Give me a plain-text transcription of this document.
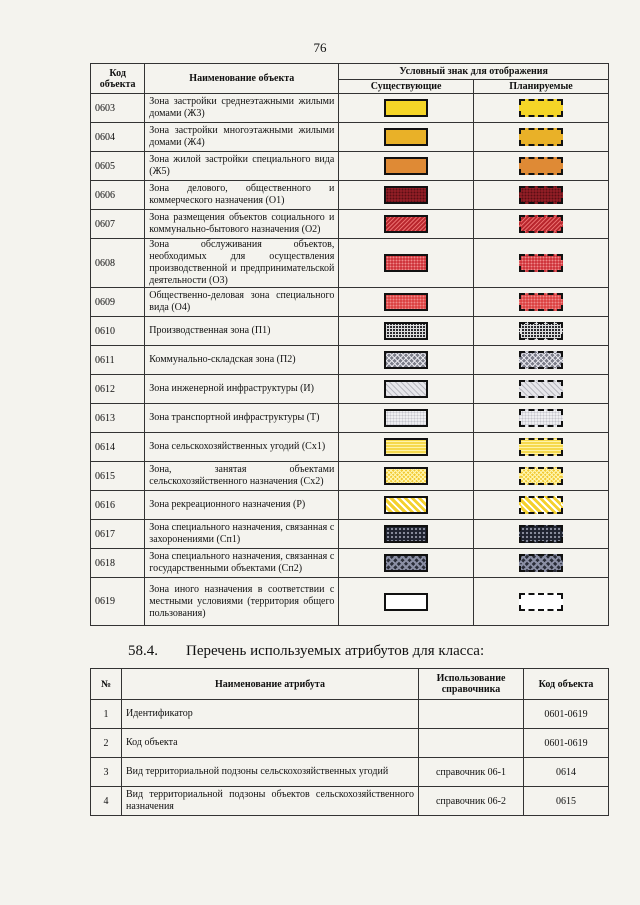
76
Код объекта	Наименование объекта	Условный знак для отображения	
		Существующие	Планируемые
0603	Зона застройки среднеэтажными жилыми домами (Ж3)		
0604	Зона застройки многоэтажными жилыми домами (Ж4)		
0605	Зона жилой застройки специального вида (Ж5)		
0606	Зона делового, общественного и коммерческого назначения (О1)		
0607	Зона размещения объектов социального и коммунально-бытового назначения (О2)		
0608	Зона обслуживания объектов, необходимых для осуществления производственной и предпринимательской деятельности (О3)		
0609	Общественно-деловая зона специального вида (О4)		
0610	Производственная зона (П1)		
0611	Коммунально-складская зона (П2)		
0612	Зона инженерной инфраструктуры (И)		
0613	Зона транспортной инфраструктуры (Т)		
0614	Зона сельскохозяйственных угодий (Сх1)		
0615	Зона, занятая объектами сельскохозяйственного назначения (Сх2)		
0616	Зона рекреационного назначения (Р)		
0617	Зона специального назначения, связанная с захоронениями (Сп1)		
0618	Зона специального назначения, связанная с государственными объектами (Сп2)		
0619	Зона иного назначения в соответствии с местными условиями (территория общего пользования)		
58.4. Перечень используемых атрибутов для класса:
№	Наименование атрибута	Использование справочника	Код объекта
1	Идентификатор		0601-0619
2	Код объекта		0601-0619
3	Вид территориальной подзоны сельскохозяйственных угодий	справочник 06-1	0614
4	Вид территориальной подзоны объектов сельскохозяйственного назначения	справочник 06-2	0615
